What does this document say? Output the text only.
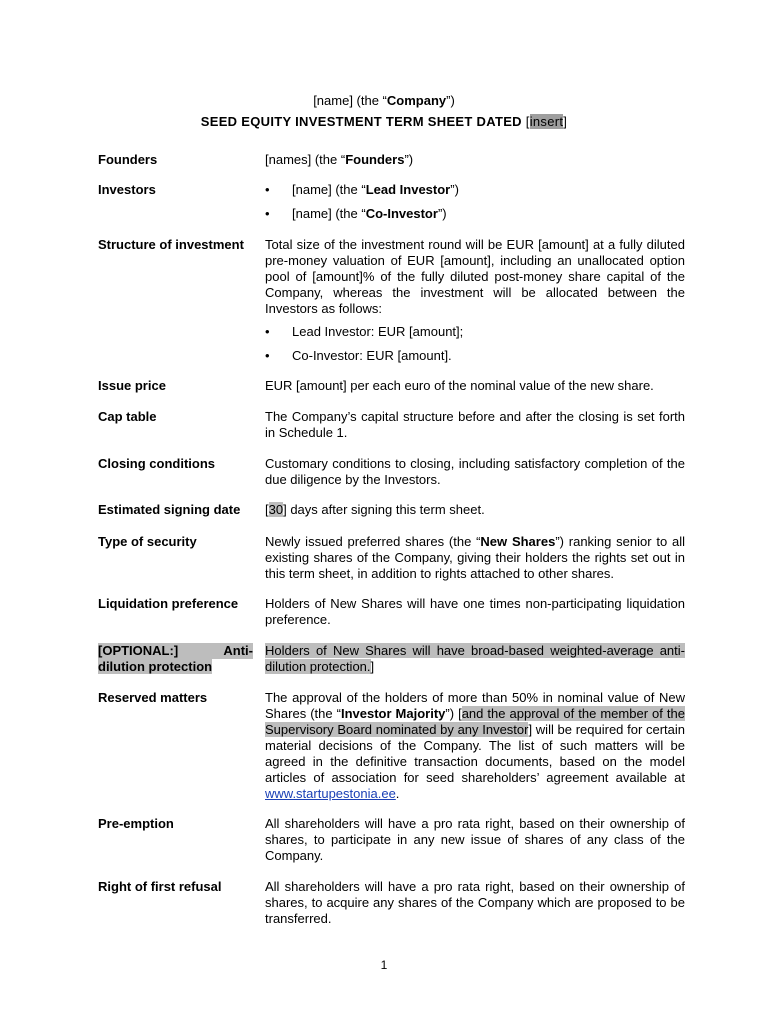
[name] (the “Company”)
SEED EQUITY INVESTMENT TERM SHEET DATED [insert]
Founders	[names] (the “Founders”)
Investors
•	[name] (the “Lead Investor”)
• [name] (the “Co-Investor”)
Structure of investment	Total size of the investment round will be EUR [amount] at a fully diluted pre-money valuation of EUR [amount], including an unallocated option pool of [amount]% of the fully diluted post-money share capital of the Company, whereas the investment will be allocated between the Investors as follows:

• Lead Investor: EUR [amount];
• Co-Investor: EUR [amount].
Issue price	EUR [amount] per each euro of the nominal value of the new share.
Cap table	The Company’s capital structure before and after the closing is set forth in Schedule 1.
Closing conditions	Customary conditions to closing, including satisfactory completion of the due diligence by the Investors.
Estimated signing date	[30] days after signing this term sheet.
Type of security	Newly issued preferred shares (the “New Shares”) ranking senior to all existing shares of the Company, giving their holders the rights set out in this term sheet, in addition to rights attached to other shares.
Liquidation preference	Holders of New Shares will have one times non-participating liquidation preference.
[OPTIONAL:]	Anti-
dilution protection
Holders of New Shares will have broad-based weighted-average anti-dilution protection.]
Reserved matters	The approval of the holders of more than 50% in nominal value of New Shares (the “Investor Majority”) [and the approval of the member of the Supervisory Board nominated by any Investor] will be required for certain material decisions of the Company. The list of such matters will be agreed in the definitive transaction documents, based on the model articles of association for seed shareholders’ agreement available at www.startupestonia.ee.
Pre-emption	All shareholders will have a pro rata right, based on their ownership of shares, to participate in any new issue of shares of any class of the Company.
Right of first refusal	All shareholders will have a pro rata right, based on their ownership of shares, to acquire any shares of the Company which are proposed to be transferred.
1
